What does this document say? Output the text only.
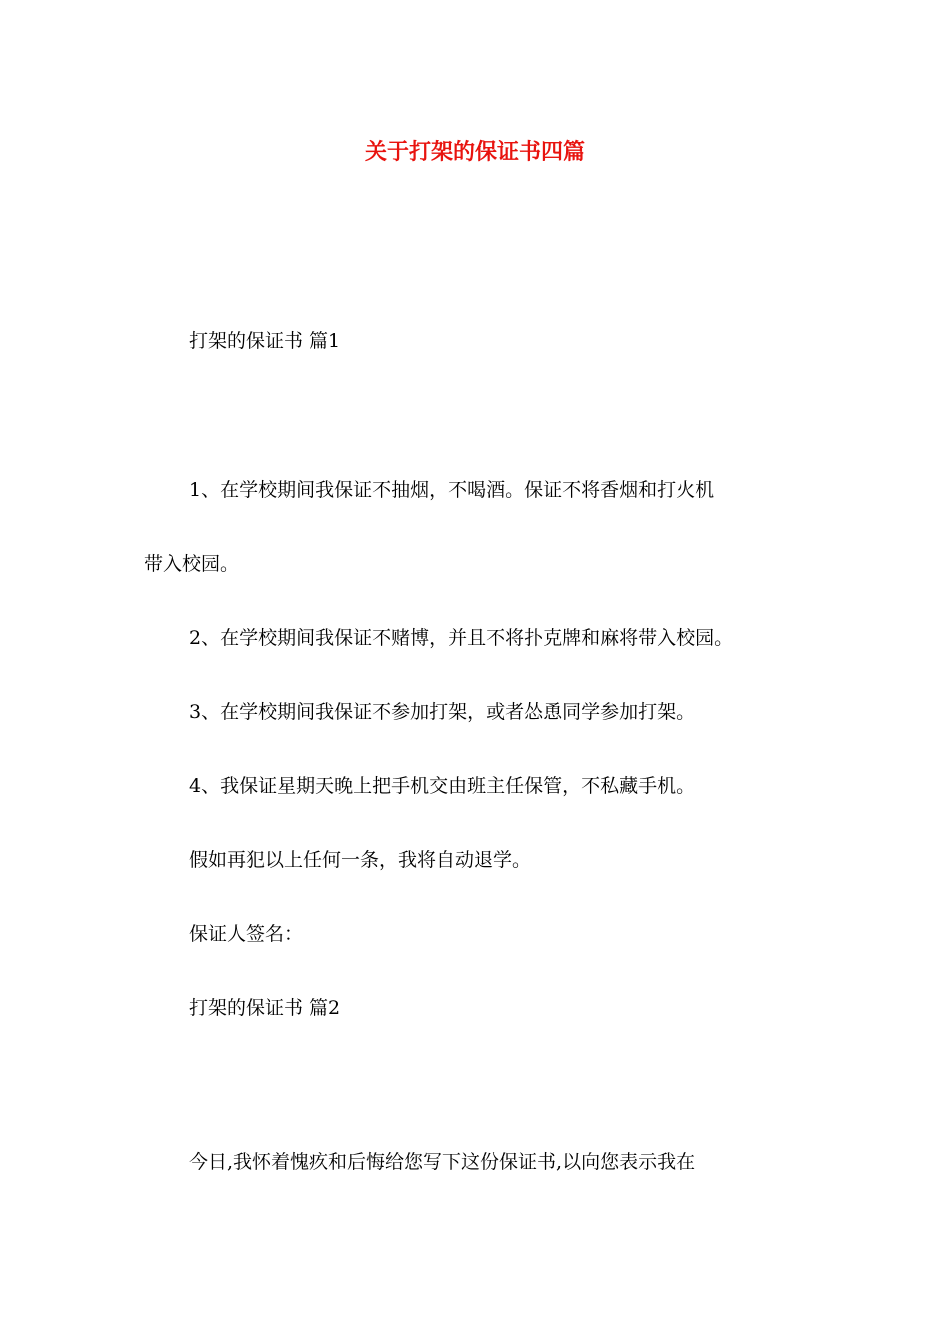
关于打架的保证书四篇

打架的保证书 篇1

1、在学校期间我保证不抽烟，不喝酒。保证不将香烟和打火机

带入校园。

2、在学校期间我保证不赌博，并且不将扑克牌和麻将带入校园。

3、在学校期间我保证不参加打架，或者怂恿同学参加打架。

4、我保证星期天晚上把手机交由班主任保管，不私藏手机。

假如再犯以上任何一条，我将自动退学。

保证人签名：

打架的保证书 篇2

今日,我怀着愧疚和后悔给您写下这份保证书,以向您表示我在
